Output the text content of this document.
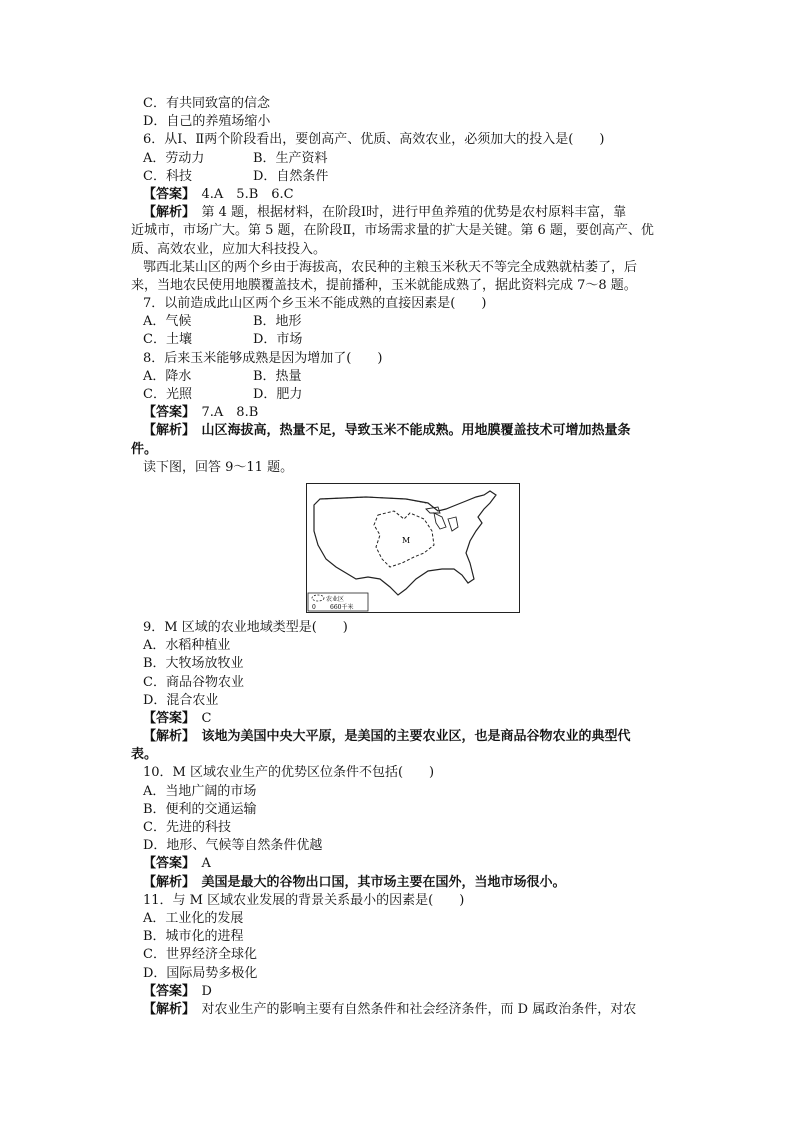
C．有共同致富的信念
D．自己的养殖场缩小
6．从Ⅰ、Ⅱ两个阶段看出，要创高产、优质、高效农业，必须加大的投入是(　　)
A．劳动力	B．生产资料
C．科技	D．自然条件
【答案】　4.A　5.B　6.C
【解析】　第 4 题，根据材料，在阶段Ⅰ时，进行甲鱼养殖的优势是农村原料丰富，靠
近城市，市场广大。第 5 题，在阶段Ⅱ，市场需求量的扩大是关键。第 6 题，要创高产、优
质、高效农业，应加大科技投入。
鄂西北某山区的两个乡由于海拔高，农民种的主粮玉米秋天不等完全成熟就枯萎了，后
来，当地农民使用地膜覆盖技术，提前播种，玉米就能成熟了，据此资料完成 7～8 题。
7．以前造成此山区两个乡玉米不能成熟的直接因素是(　　)
A．气候	B．地形
C．土壤	D．市场
8．后来玉米能够成熟是因为增加了(　　)
A．降水	B．热量
C．光照	D．肥力
【答案】　7.A　8.B
【解析】　山区海拔高，热量不足，导致玉米不能成熟。用地膜覆盖技术可增加热量条
件。
读下图，回答 9～11 题。
M
农业区
0 660千米
9．M 区域的农业地域类型是(　　)
A．水稻种植业
B．大牧场放牧业
C．商品谷物农业
D．混合农业
【答案】　C
【解析】　该地为美国中央大平原，是美国的主要农业区，也是商品谷物农业的典型代
表。
10．M 区域农业生产的优势区位条件不包括(　　)
A．当地广阔的市场
B．便利的交通运输
C．先进的科技
D．地形、气候等自然条件优越
【答案】　A
【解析】　美国是最大的谷物出口国，其市场主要在国外，当地市场很小。
11．与 M 区域农业发展的背景关系最小的因素是(　　)
A．工业化的发展
B．城市化的进程
C．世界经济全球化
D．国际局势多极化
【答案】　D
【解析】　对农业生产的影响主要有自然条件和社会经济条件，而 D 属政治条件，对农
